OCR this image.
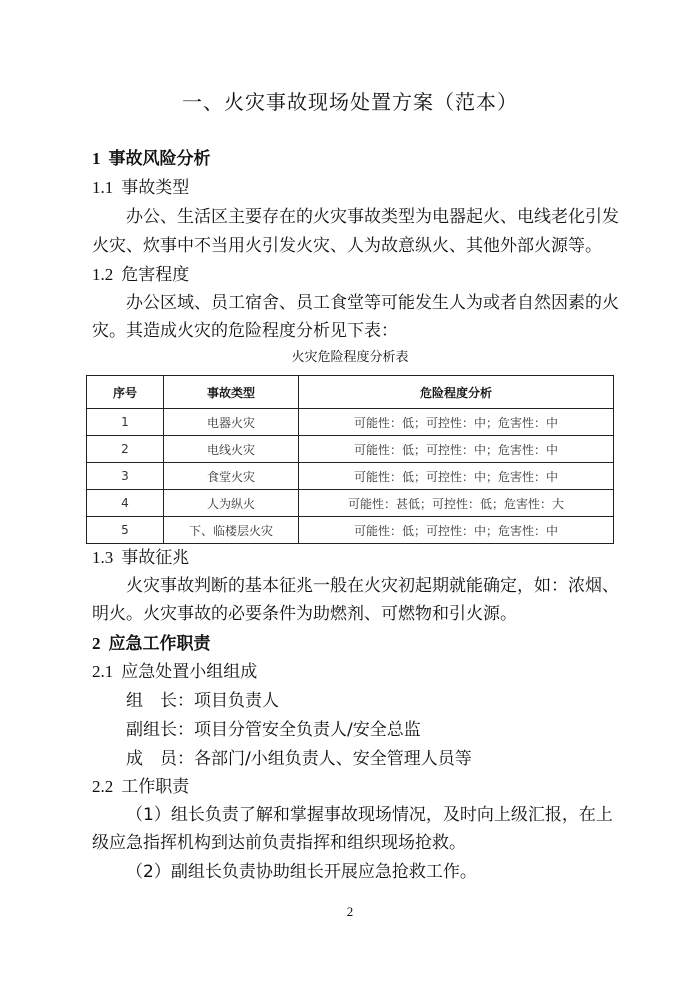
一、火灾事故现场处置方案（范本）
1 事故风险分析
1.1 事故类型
办公、生活区主要存在的火灾事故类型为电器起火、电线老化引发
火灾、炊事中不当用火引发火灾、人为故意纵火、其他外部火源等。
1.2 危害程度
办公区域、员工宿舍、员工食堂等可能发生人为或者自然因素的火
灾。其造成火灾的危险程度分析见下表：
火灾危险程度分析表
序号	事故类型	危险程度分析
1	电器火灾	可能性：低；可控性：中；危害性：中
2	电线火灾	可能性：低；可控性：中；危害性：中
3	食堂火灾	可能性：低；可控性：中；危害性：中
4	人为纵火	可能性：甚低；可控性：低；危害性：大
5	下、临楼层火灾	可能性：低；可控性：中；危害性：中
1.3 事故征兆
火灾事故判断的基本征兆一般在火灾初起期就能确定，如：浓烟、
明火。火灾事故的必要条件为助燃剂、可燃物和引火源。
2 应急工作职责
2.1 应急处置小组组成
组　长：项目负责人
副组长：项目分管安全负责人/安全总监
成　员：各部门/小组负责人、安全管理人员等
2.2 工作职责
（1）组长负责了解和掌握事故现场情况，及时向上级汇报，在上
级应急指挥机构到达前负责指挥和组织现场抢救。
（2）副组长负责协助组长开展应急抢救工作。
2
